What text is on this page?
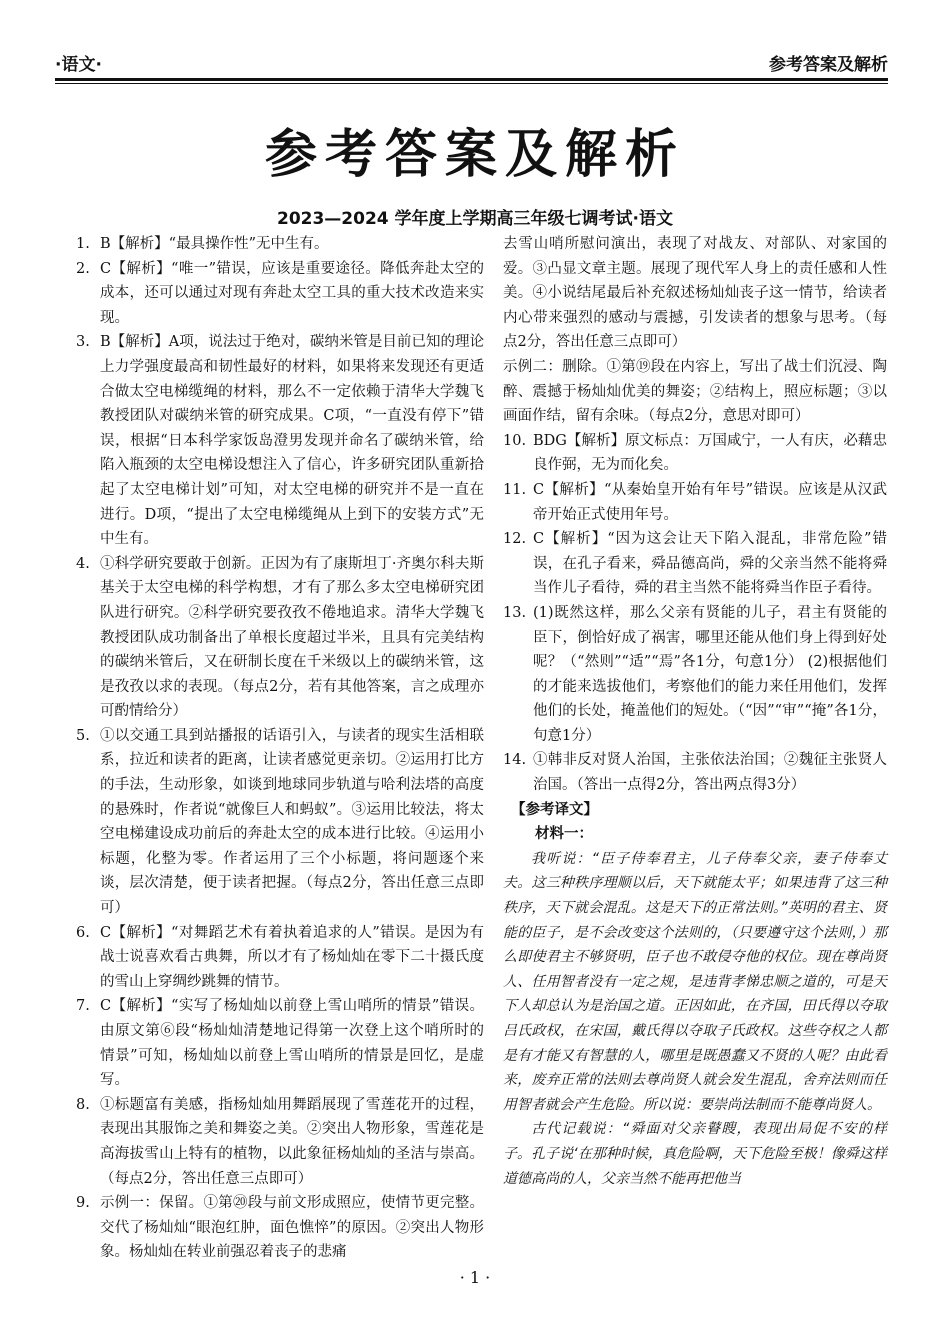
·语文·	参考答案及解析
参考答案及解析
2023—2024 学年度上学期高三年级七调考试·语文
1. B【解析】“最具操作性”无中生有。
2. C【解析】“唯一”错误，应该是重要途径。降低奔赴太空的成本，还可以通过对现有奔赴太空工具的重大技术改造来实现。
3. B【解析】A项，说法过于绝对，碳纳米管是目前已知的理论上力学强度最高和韧性最好的材料，如果将来发现还有更适合做太空电梯缆绳的材料，那么不一定依赖于清华大学魏飞教授团队对碳纳米管的研究成果。C项，“一直没有停下”错误，根据“日本科学家饭岛澄男发现并命名了碳纳米管，给陷入瓶颈的太空电梯设想注入了信心，许多研究团队重新拾起了太空电梯计划”可知，对太空电梯的研究并不是一直在进行。D项，“提出了太空电梯缆绳从上到下的安装方式”无中生有。
4. ①科学研究要敢于创新。正因为有了康斯坦丁·齐奥尔科夫斯基关于太空电梯的科学构想，才有了那么多太空电梯研究团队进行研究。②科学研究要孜孜不倦地追求。清华大学魏飞教授团队成功制备出了单根长度超过半米，且具有完美结构的碳纳米管后，又在研制长度在千米级以上的碳纳米管，这是孜孜以求的表现。（每点2分，若有其他答案，言之成理亦可酌情给分）
5. ①以交通工具到站播报的话语引入，与读者的现实生活相联系，拉近和读者的距离，让读者感觉更亲切。②运用打比方的手法，生动形象，如谈到地球同步轨道与哈利法塔的高度的悬殊时，作者说“就像巨人和蚂蚁”。③运用比较法，将太空电梯建设成功前后的奔赴太空的成本进行比较。④运用小标题，化整为零。作者运用了三个小标题，将问题逐个来谈，层次清楚，便于读者把握。（每点2分，答出任意三点即可）
6. C【解析】“对舞蹈艺术有着执着追求的人”错误。是因为有战士说喜欢看古典舞，所以才有了杨灿灿在零下二十摄氏度的雪山上穿绸纱跳舞的情节。
7. C【解析】“实写了杨灿灿以前登上雪山哨所的情景”错误。由原文第⑥段“杨灿灿清楚地记得第一次登上这个哨所时的情景”可知，杨灿灿以前登上雪山哨所的情景是回忆，是虚写。
8. ①标题富有美感，指杨灿灿用舞蹈展现了雪莲花开的过程，表现出其服饰之美和舞姿之美。②突出人物形象，雪莲花是高海拔雪山上特有的植物，以此象征杨灿灿的圣洁与崇高。（每点2分，答出任意三点即可）
9. 示例一：保留。①第⑳段与前文形成照应，使情节更完整。交代了杨灿灿“眼泡红肿，面色憔悴”的原因。②突出人物形象。杨灿灿在转业前强忍着丧子的悲痛
去雪山哨所慰问演出，表现了对战友、对部队、对家国的爱。③凸显文章主题。展现了现代军人身上的责任感和人性美。④小说结尾最后补充叙述杨灿灿丧子这一情节，给读者内心带来强烈的感动与震撼，引发读者的想象与思考。（每点2分，答出任意三点即可）
示例二：删除。①第⑲段在内容上，写出了战士们沉浸、陶醉、震撼于杨灿灿优美的舞姿；②结构上，照应标题；③以画面作结，留有余味。（每点2分，意思对即可）
10. BDG【解析】原文标点：万国咸宁，一人有庆，必藉忠良作弼，无为而化矣。
11. C【解析】“从秦始皇开始有年号”错误。应该是从汉武帝开始正式使用年号。
12. C【解析】“因为这会让天下陷入混乱，非常危险”错误，在孔子看来，舜品德高尚，舜的父亲当然不能将舜当作儿子看待，舜的君主当然不能将舜当作臣子看待。
13. (1)既然这样，那么父亲有贤能的儿子，君主有贤能的臣下，倒恰好成了祸害，哪里还能从他们身上得到好处呢？（“然则”“适”“焉”各1分，句意1分） (2)根据他们的才能来选拔他们，考察他们的能力来任用他们，发挥他们的长处，掩盖他们的短处。（“因”“审”“掩”各1分，句意1分）
14. ①韩非反对贤人治国，主张依法治国；②魏征主张贤人治国。（答出一点得2分，答出两点得3分）
【参考译文】
材料一：
我听说：“臣子侍奉君主，儿子侍奉父亲，妻子侍奉丈夫。这三种秩序理顺以后，天下就能太平；如果违背了这三种秩序，天下就会混乱。这是天下的正常法则。”英明的君主、贤能的臣子，是不会改变这个法则的，（只要遵守这个法则，）那么即使君主不够贤明，臣子也不敢侵夺他的权位。现在尊尚贤人、任用智者没有一定之规，是违背孝悌忠顺之道的，可是天下人却总认为是治国之道。正因如此，在齐国，田氏得以夺取吕氏政权，在宋国，戴氏得以夺取子氏政权。这些夺权之人都是有才能又有智慧的人，哪里是既愚蠢又不贤的人呢？由此看来，废弃正常的法则去尊尚贤人就会发生混乱，舍弃法则而任用智者就会产生危险。所以说：要崇尚法制而不能尊尚贤人。
古代记载说：“舜面对父亲瞽瞍，表现出局促不安的样子。孔子说‘在那种时候，真危险啊，天下危险至极！像舜这样道德高尚的人，父亲当然不能再把他当
· 1 ·
